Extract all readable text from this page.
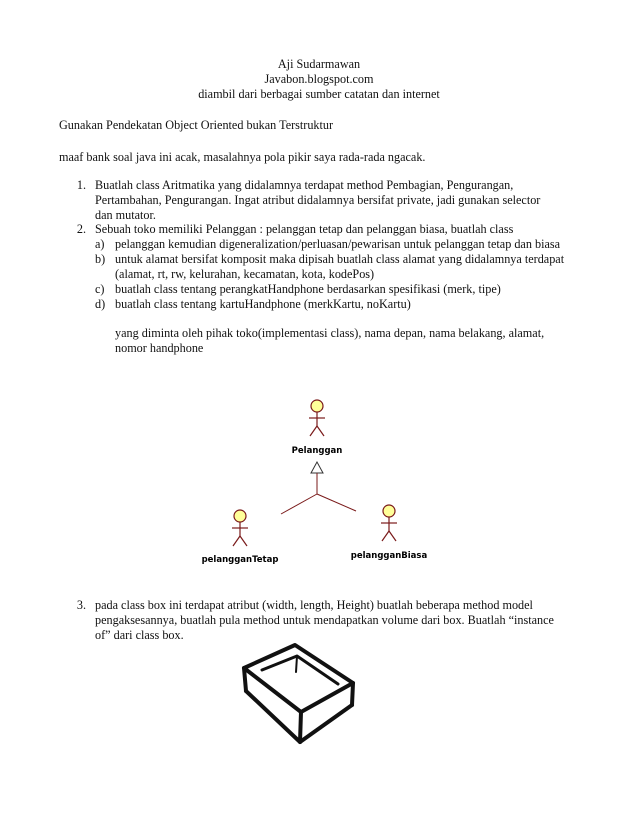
Aji Sudarmawan
Javabon.blogspot.com
diambil dari berbagai sumber catatan dan internet
Gunakan Pendekatan Object Oriented bukan Terstruktur
maaf bank soal java ini acak, masalahnya pola pikir saya rada-rada ngacak.
1. Buatlah class Aritmatika yang didalamnya terdapat method Pembagian, Pengurangan,
Pertambahan, Pengurangan. Ingat atribut didalamnya bersifat private, jadi gunakan selector
dan mutator.
2. Sebuah toko memiliki Pelanggan : pelanggan tetap dan pelanggan biasa, buatlah class
a) pelanggan kemudian digeneralization/perluasan/pewarisan untuk pelanggan tetap dan biasa
b) untuk alamat bersifat komposit maka dipisah buatlah class alamat yang didalamnya terdapat
(alamat, rt, rw, kelurahan, kecamatan, kota, kodePos)
c) buatlah class tentang perangkatHandphone berdasarkan spesifikasi (merk, tipe)
d) buatlah class tentang kartuHandphone (merkKartu, noKartu)
yang diminta oleh pihak toko(implementasi class), nama depan, nama belakang, alamat,
nomor handphone
Pelanggan
pelangganTetap	pelangganBiasa
3. pada class box ini terdapat atribut (width, length, Height) buatlah beberapa method model
pengaksesannya, buatlah pula method untuk mendapatkan volume dari box. Buatlah “instance
of” dari class box.
